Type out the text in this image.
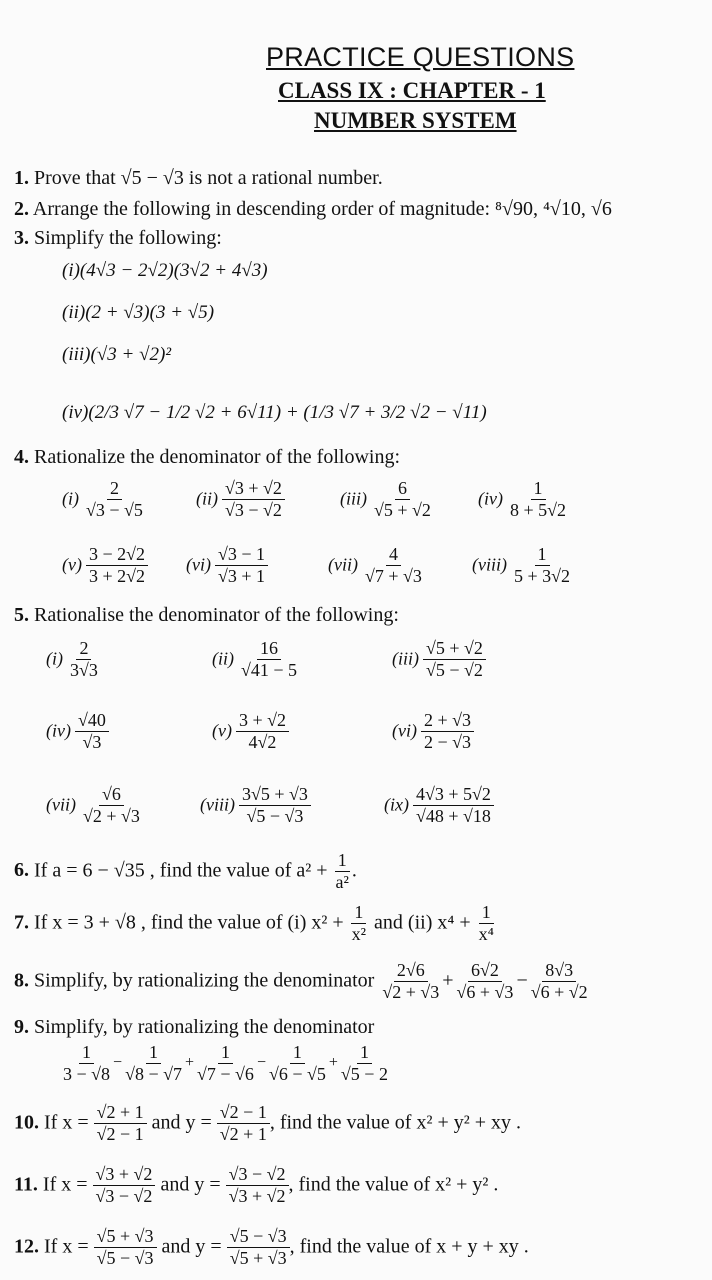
PRACTICE QUESTIONS
CLASS IX : CHAPTER - 1
NUMBER SYSTEM
1. Prove that √5 − √3 is not a rational number.
2. Arrange the following in descending order of magnitude: ⁸√90, ⁴√10, √6
3. Simplify the following:
(i)(4√3 − 2√2)(3√2 + 4√3)
(ii)(2 + √3)(3 + √5)
(iii)(√3 + √2)²
(iv)(2/3 √7 − 1/2 √2 + 6√11) + (1/3 √7 + 3/2 √2 − √11)
4. Rationalize the denominator of the following:
$(i) \frac{2}{√3 - √5}$	$(ii) \frac{√3 + √2}{√3 - √2}$	$(iii) \frac{6}{√5 + √2} (iv) \frac{1}{8 + 5√2}$
$(v) \frac{3 - 2√2}{3 + 2√2} (vi) \frac{√3 - 1}{√3 + 1}$	$(vii) \frac{4}{√7 + √3}$	(viii) $\frac{1}{5 + 3√2}$
5. Rationalise the denominator of the following:
$(i) \frac{2}{3√3}$	$(ii) \frac{16}{√41 - 5}$	$(iii) \frac{√5 + √2}{√5 - √2}$
$(iv) \frac{√40}{√3}$	$(v) \frac{3 + √2}{4√2}$	$(vi) \frac{2 + √3}{2 - √3}$
$(vii) \frac{√6}{√2 + √3}$	(viii) $\frac{3√5 + √3}{√5 - √3}$	$(ix) \frac{4√3 + 5√2}{√48 + √18}$
6. If a = 6 − √35 , find the value of $a^2 + \frac{1}{\text{a²}}$ .
7. If x = 3 + √8 , find the value of (i) $x^2 + \frac{1}{\text{x²}}$ and (ii) $x^4 + \frac{1}{\text{x⁴}}$
8. Simplify, by rationalizing the denominator $\frac{2√6}{√2 + √3} + \frac{6√2}{√6 + √3} - \frac{8√3}{√6 + √2}$
9. Simplify, by rationalizing the denominator
$\frac{1}{3 - √8} - \frac{1}{√8 - √7} + \frac{1}{√7 - √6} - \frac{1}{√6 - √5} + \frac{1}{√5 - 2}$
10. If $x = \frac{√2 + 1}{√2 - 1}$ and $y = \frac{√2 - 1}{√2 + 1}$ , find the value of x² + y² + xy .
11. If $x = \frac{√3 + √2}{√3 - √2}$ and $y = \frac{√3 - √2}{√3 + √2}$ , find the value of x² + y² .
12. If $x = \frac{√5 + √3}{√5 - √3}$ and $y = \frac{√5 - √3}{√5 + √3}$ , find the value of x + y + xy .
